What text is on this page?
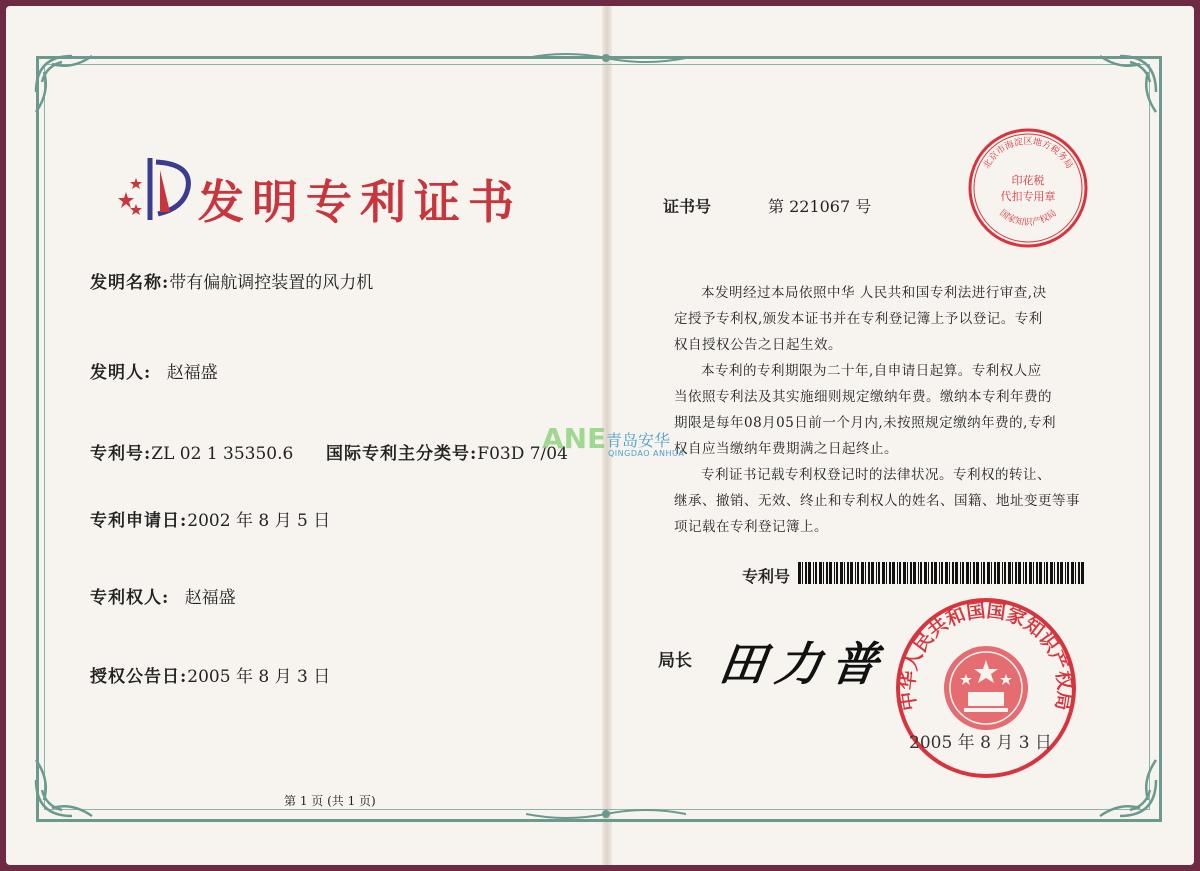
发明专利证书
发明名称:带有偏航调控装置的风力机
发明人: 赵福盛
专利号:ZL 02 1 35350.6 国际专利主分类号:F03D 7/04
专利申请日:2002 年 8 月 5 日
专利权人: 赵福盛
授权公告日:2005 年 8 月 3 日
第 1 页 (共 1 页)
证书号	第 221067 号
北京市海淀区地方税务局
印花税
代扣专用章
国家知识产权局

本发明经过本局依照中华 人民共和国专利法进行审查,决

定授予专利权,颁发本证书并在专利登记簿上予以登记。专利

权自授权公告之日起生效。

本专利的专利期限为二十年,自申请日起算。专利权人应

当依照专利法及其实施细则规定缴纳年费。缴纳本专利年费的

期限是每年08月05日前一个月内,未按照规定缴纳年费的,专利

权自应当缴纳年费期满之日起终止。

专利证书记载专利权登记时的法律状况。专利权的转让、

继承、撤销、无效、终止和专利权人的姓名、国籍、地址变更等事

项记载在专利登记簿上。

专利号
局长 田力普
中华人民共和国国家知识产权局
2005 年 8 月 3 日
ANE 青岛安华
QINGDAO ANHUA
